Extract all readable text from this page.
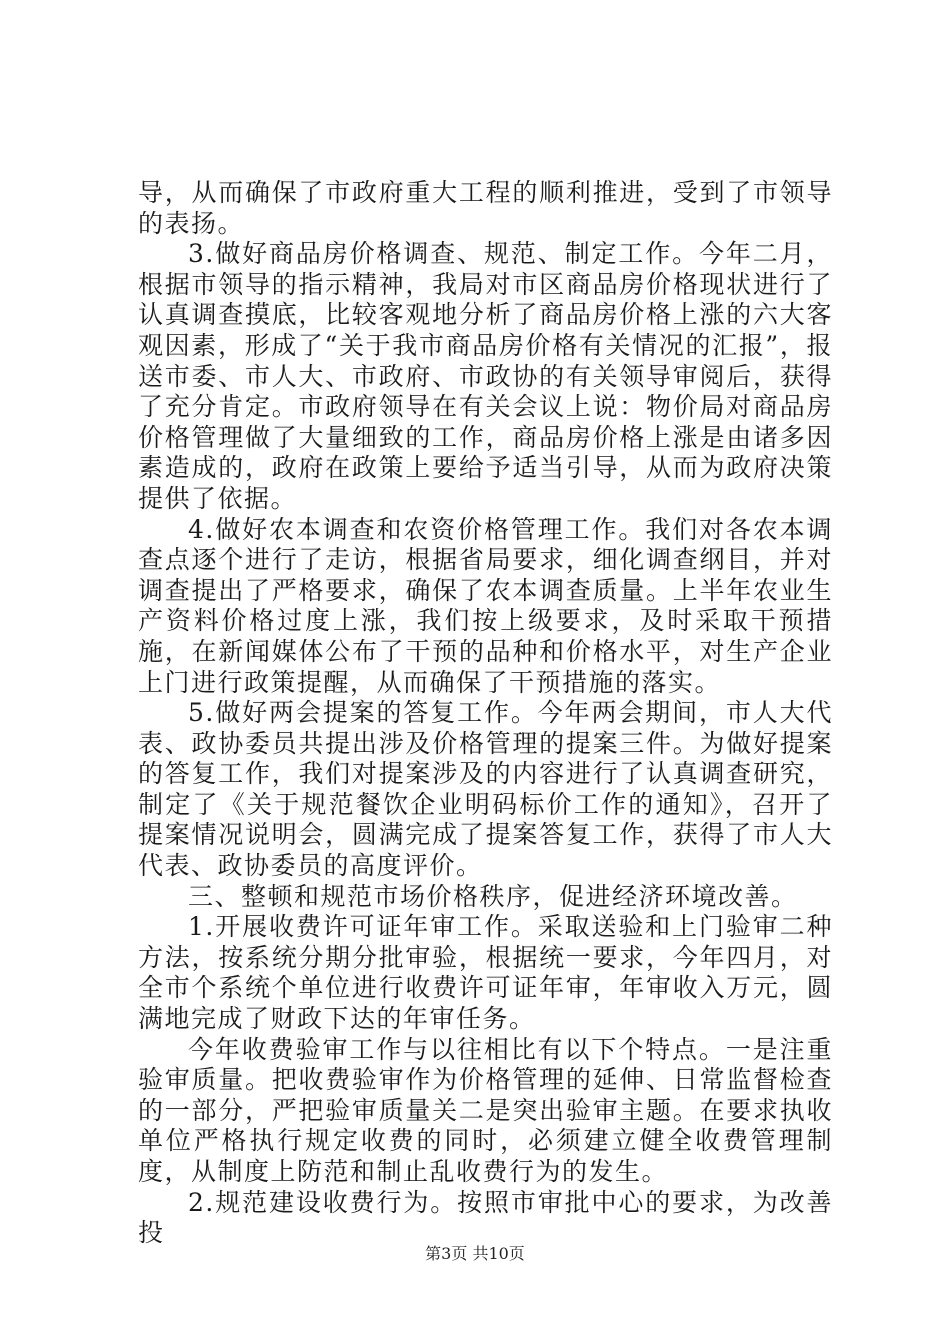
导，从而确保了市政府重大工程的顺利推进，受到了市领导的表扬。

3.做好商品房价格调查、规范、制定工作。今年二月，根据市领导的指示精神，我局对市区商品房价格现状进行了认真调查摸底，比较客观地分析了商品房价格上涨的六大客观因素，形成了“关于我市商品房价格有关情况的汇报”，报送市委、市人大、市政府、市政协的有关领导审阅后，获得了充分肯定。市政府领导在有关会议上说：物价局对商品房价格管理做了大量细致的工作，商品房价格上涨是由诸多因素造成的，政府在政策上要给予适当引导，从而为政府决策提供了依据。

4.做好农本调查和农资价格管理工作。我们对各农本调查点逐个进行了走访，根据省局要求，细化调查纲目，并对调查提出了严格要求，确保了农本调查质量。上半年农业生产资料价格过度上涨，我们按上级要求，及时采取干预措施，在新闻媒体公布了干预的品种和价格水平，对生产企业上门进行政策提醒，从而确保了干预措施的落实。

5.做好两会提案的答复工作。今年两会期间，市人大代表、政协委员共提出涉及价格管理的提案三件。为做好提案的答复工作，我们对提案涉及的内容进行了认真调查研究，制定了《关于规范餐饮企业明码标价工作的通知》，召开了提案情况说明会，圆满完成了提案答复工作，获得了市人大代表、政协委员的高度评价。

三、整顿和规范市场价格秩序，促进经济环境改善。

1.开展收费许可证年审工作。采取送验和上门验审二种方法，按系统分期分批审验，根据统一要求，今年四月，对全市个系统个单位进行收费许可证年审，年审收入万元，圆满地完成了财政下达的年审任务。

今年收费验审工作与以往相比有以下个特点。一是注重验审质量。把收费验审作为价格管理的延伸、日常监督检查的一部分，严把验审质量关二是突出验审主题。在要求执收单位严格执行规定收费的同时，必须建立健全收费管理制度，从制度上防范和制止乱收费行为的发生。

2.规范建设收费行为。按照市审批中心的要求，为改善投

第3页 共10页
